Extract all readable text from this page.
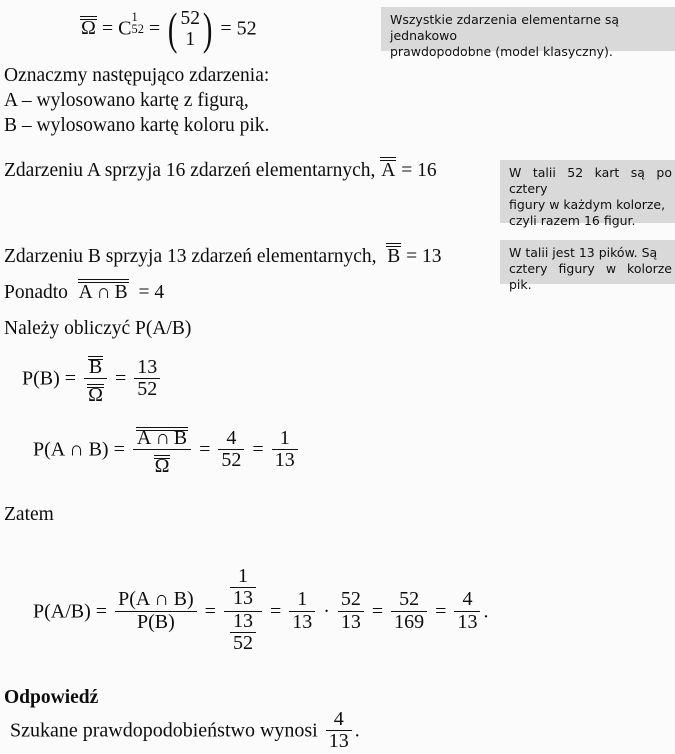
Wszystkie zdarzenia elementarne są jednakowo
prawdopodobne (model klasyczny).
Ω = C
1
52 = ( 52
1 ) = 52
Oznaczmy następująco zdarzenia:
A – wylosowano kartę z figurą,
B – wylosowano kartę koloru pik.
Zdarzeniu A sprzyja 16 zdarzeń elementarnych, A = 16	W talii 52 kart są po cztery
figury w każdym kolorze,
czyli razem 16 figur.
Zdarzeniu B sprzyja 13 zdarzeń elementarnych, B = 13	W talii jest 13 pików. Są
cztery figury w kolorze pik.
Ponadto A  ∩  B = 4
Należy obliczyć P(A/B)
$P(B) = \frac{B}{\Omega} = \frac{13}{52}$
P(A ∩ $B) = \frac{A \cap B}{\Omega} = \frac{4}{52} = \frac{1}{13}$
Zatem
$P(A/B) = \frac{P(A \cap B)}{P(B)} = \frac{\frac{1}{13}}{\frac{13}{52}} = \frac{1}{13} \cdot \frac{52}{13} = \frac{52}{169} = \frac{4}{13}$ .
Odpowiedź
Szukane prawdopodobieństwo wynosi $\frac{4}{13}$ .
